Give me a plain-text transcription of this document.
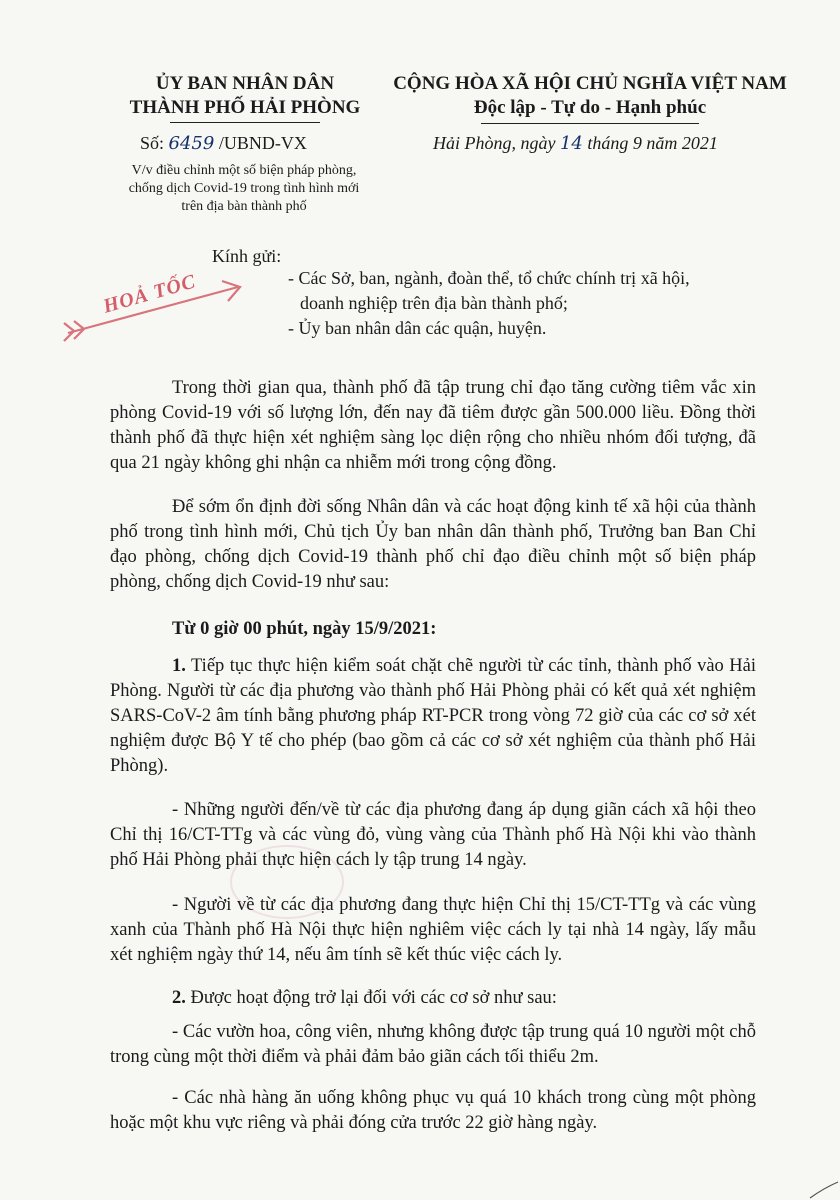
ỦY BAN NHÂN DÂN
THÀNH PHỐ HẢI PHÒNG
CỘNG HÒA XÃ HỘI CHỦ NGHĨA VIỆT NAM
Độc lập - Tự do - Hạnh phúc
Số: 6459 /UBND-VX	Hải Phòng, ngày 14 tháng 9 năm 2021
V/v điều chỉnh một số biện pháp phòng,
chống dịch Covid-19 trong tình hình mới
trên địa bàn thành phố
HOẢ TỐC
Kính gửi:
- Các Sở, ban, ngành, đoàn thể, tổ chức chính trị xã hội,
doanh nghiệp trên địa bàn thành phố;
- Ủy ban nhân dân các quận, huyện.

Trong thời gian qua, thành phố đã tập trung chỉ đạo tăng cường tiêm vắc xin phòng Covid-19 với số lượng lớn, đến nay đã tiêm được gần 500.000 liều. Đồng thời thành phố đã thực hiện xét nghiệm sàng lọc diện rộng cho nhiều nhóm đối tượng, đã qua 21 ngày không ghi nhận ca nhiễm mới trong cộng đồng.

Để sớm ổn định đời sống Nhân dân và các hoạt động kinh tế xã hội của thành phố trong tình hình mới, Chủ tịch Ủy ban nhân dân thành phố, Trưởng ban Ban Chỉ đạo phòng, chống dịch Covid-19 thành phố chỉ đạo điều chỉnh một số biện pháp phòng, chống dịch Covid-19 như sau:

Từ 0 giờ 00 phút, ngày 15/9/2021:

1. Tiếp tục thực hiện kiểm soát chặt chẽ người từ các tỉnh, thành phố vào Hải Phòng. Người từ các địa phương vào thành phố Hải Phòng phải có kết quả xét nghiệm SARS-CoV-2 âm tính bằng phương pháp RT-PCR trong vòng 72 giờ của các cơ sở xét nghiệm được Bộ Y tế cho phép (bao gồm cả các cơ sở xét nghiệm của thành phố Hải Phòng).

- Những người đến/về từ các địa phương đang áp dụng giãn cách xã hội theo Chỉ thị 16/CT-TTg và các vùng đỏ, vùng vàng của Thành phố Hà Nội khi vào thành phố Hải Phòng phải thực hiện cách ly tập trung 14 ngày.

- Người về từ các địa phương đang thực hiện Chỉ thị 15/CT-TTg và các vùng xanh của Thành phố Hà Nội thực hiện nghiêm việc cách ly tại nhà 14 ngày, lấy mẫu xét nghiệm ngày thứ 14, nếu âm tính sẽ kết thúc việc cách ly.

2. Được hoạt động trở lại đối với các cơ sở như sau:

- Các vườn hoa, công viên, nhưng không được tập trung quá 10 người một chỗ trong cùng một thời điểm và phải đảm bảo giãn cách tối thiểu 2m.

- Các nhà hàng ăn uống không phục vụ quá 10 khách trong cùng một phòng hoặc một khu vực riêng và phải đóng cửa trước 22 giờ hàng ngày.
